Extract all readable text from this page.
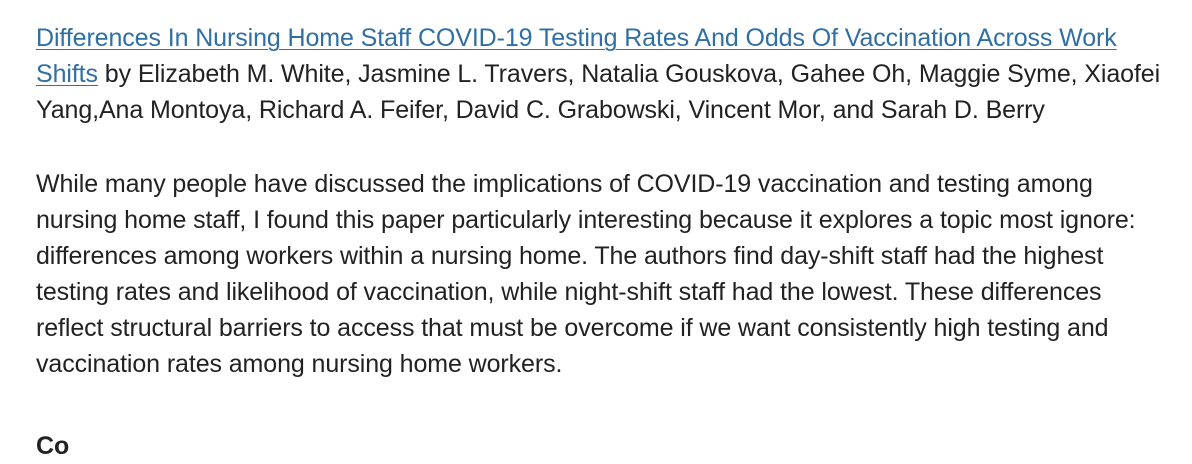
Differences In Nursing Home Staff COVID-19 Testing Rates And Odds Of Vaccination Across Work Shifts by Elizabeth M. White, Jasmine L. Travers, Natalia Gouskova, Gahee Oh, Maggie Syme, Xiaofei Yang,Ana Montoya, Richard A. Feifer, David C. Grabowski, Vincent Mor, and Sarah D. Berry

While many people have discussed the implications of COVID-19 vaccination and testing among nursing home staff, I found this paper particularly interesting because it explores a topic most ignore: differences among workers within a nursing home. The authors find day-shift staff had the highest testing rates and likelihood of vaccination, while night-shift staff had the lowest. These differences reflect structural barriers to access that must be overcome if we want consistently high testing and vaccination rates among nursing home workers.

Co
